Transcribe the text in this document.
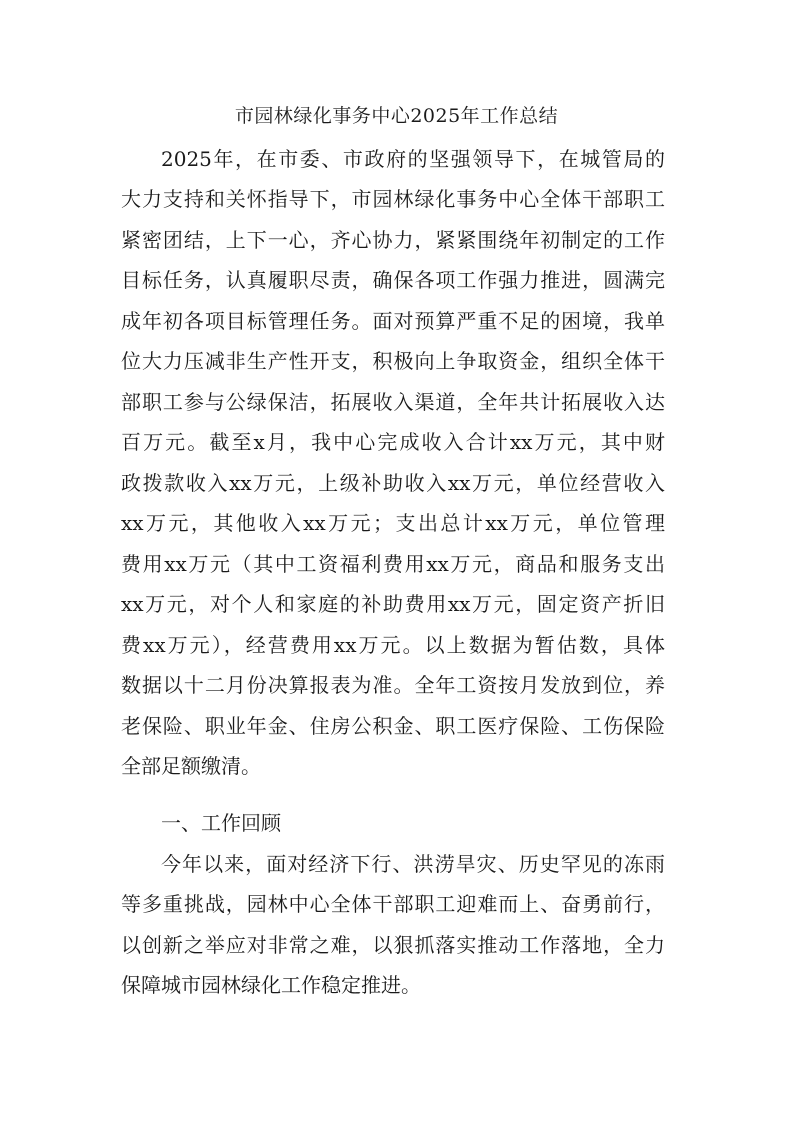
市园林绿化事务中心2025年工作总结
2025年，在市委、市政府的坚强领导下，在城管局的
大力支持和关怀指导下，市园林绿化事务中心全体干部职工
紧密团结，上下一心，齐心协力，紧紧围绕年初制定的工作
目标任务，认真履职尽责，确保各项工作强力推进，圆满完
成年初各项目标管理任务。面对预算严重不足的困境，我单
位大力压减非生产性开支，积极向上争取资金，组织全体干
部职工参与公绿保洁，拓展收入渠道，全年共计拓展收入达
百万元。截至x月，我中心完成收入合计xx万元，其中财
政拨款收入xx万元，上级补助收入xx万元，单位经营收入
xx万元，其他收入xx万元；支出总计xx万元，单位管理
费用xx万元（其中工资福利费用xx万元，商品和服务支出
xx万元，对个人和家庭的补助费用xx万元，固定资产折旧
费xx万元），经营费用xx万元。以上数据为暂估数，具体
数据以十二月份决算报表为准。全年工资按月发放到位，养
老保险、职业年金、住房公积金、职工医疗保险、工伤保险
全部足额缴清。
一、工作回顾
今年以来，面对经济下行、洪涝旱灾、历史罕见的冻雨
等多重挑战，园林中心全体干部职工迎难而上、奋勇前行，
以创新之举应对非常之难，以狠抓落实推动工作落地，全力
保障城市园林绿化工作稳定推进。
